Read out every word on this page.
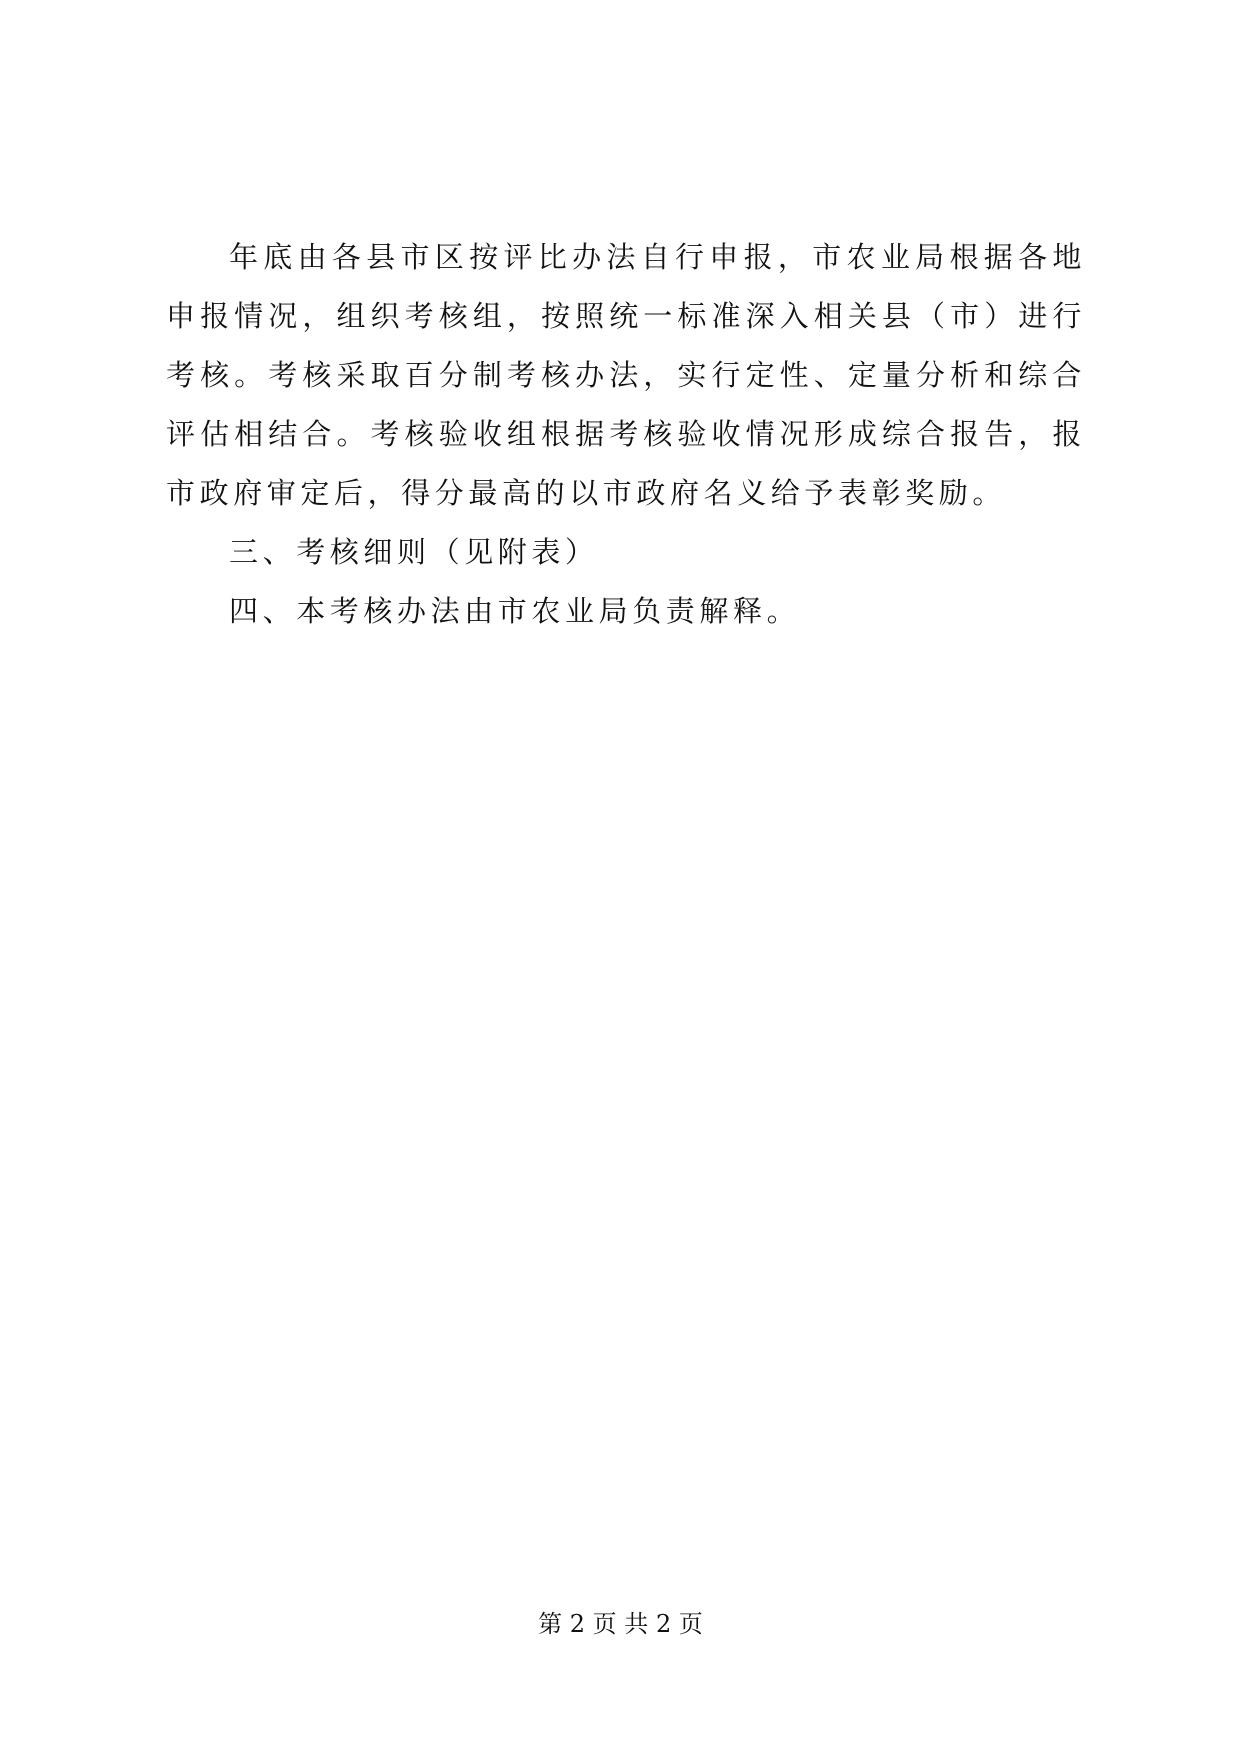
年底由各县市区按评比办法自行申报，市农业局根据各地申报情况，组织考核组，按照统一标准深入相关县（市）进行考核。考核采取百分制考核办法，实行定性、定量分析和综合评估相结合。考核验收组根据考核验收情况形成综合报告，报市政府审定后，得分最高的以市政府名义给予表彰奖励。

三、考核细则（见附表）

四、本考核办法由市农业局负责解释。

第 2 页 共 2 页
